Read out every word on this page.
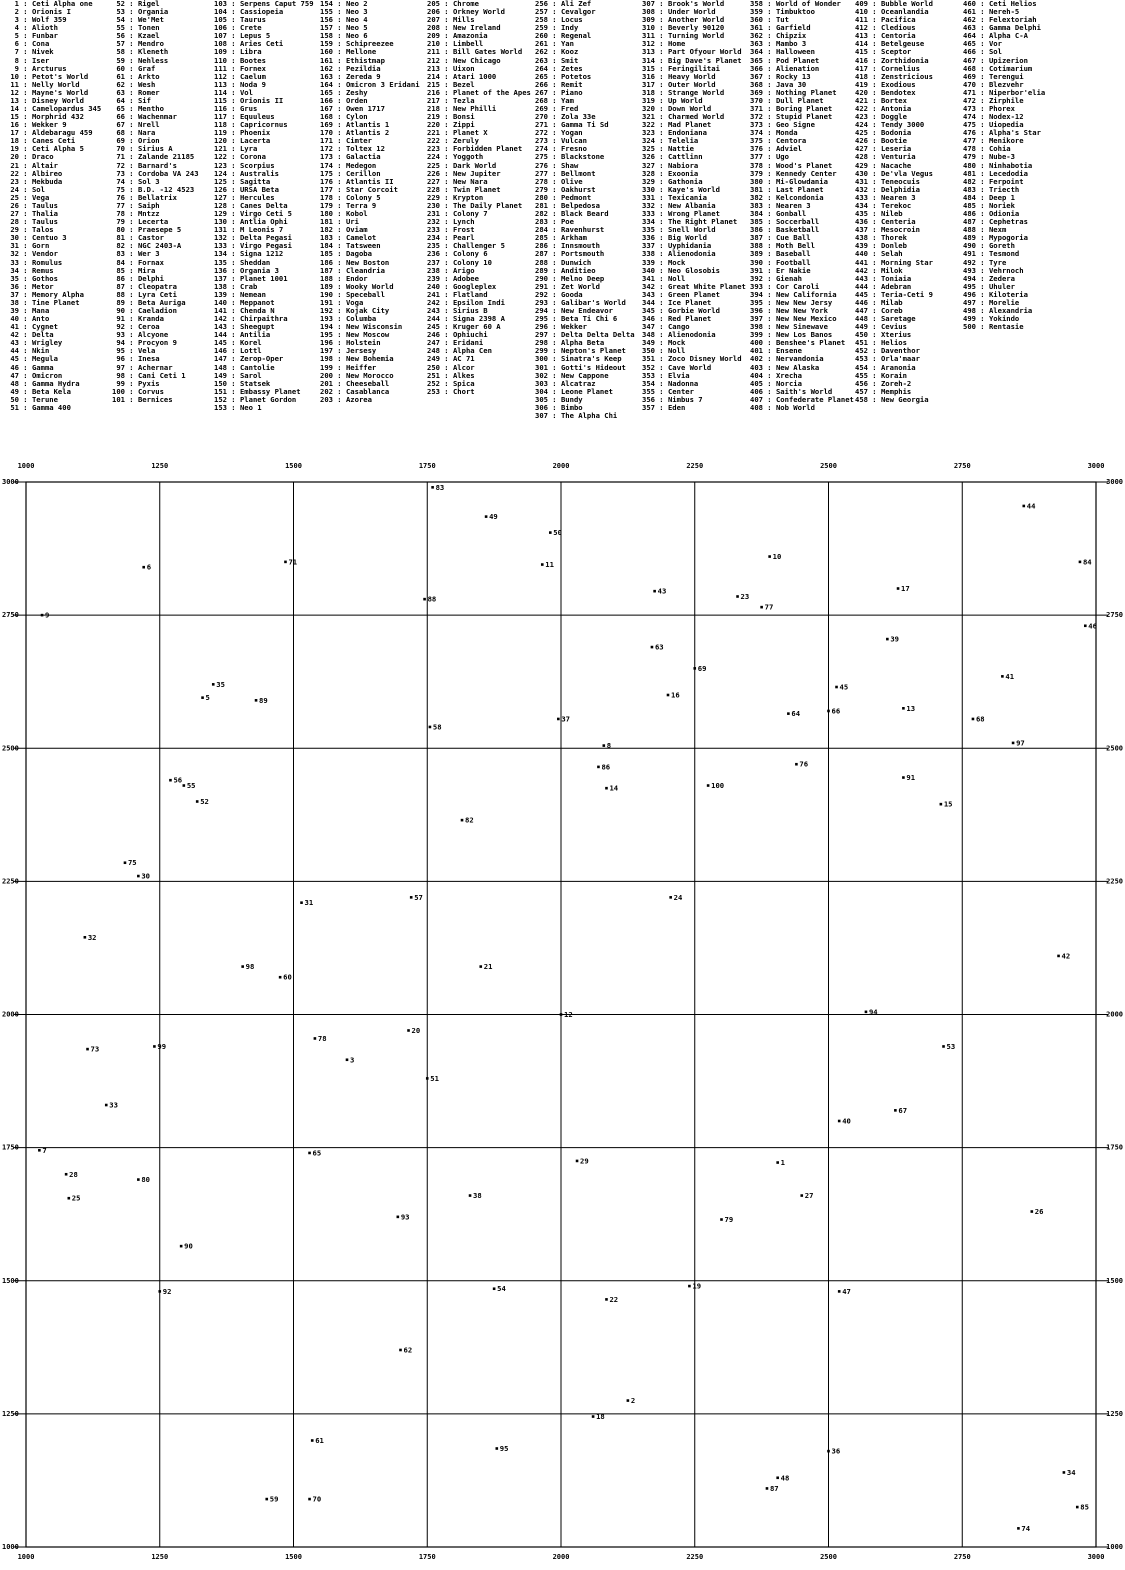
1 : Ceti Alpha one
2 : Orionis I
3 : Wolf 359
4 : Alioth
5 : Funbar
6 : Cona
7 : Nivek
8 : Iser
9 : Arcturus
10 : Petot's World
11 : Nelly World
12 : Mayne's World
13 : Disney World
14 : Camelopardus 345
15 : Morphrid 432
16 : Wekker 9
17 : Aldebaragu 459
18 : Canes Ceti
19 : Ceti Alpha 5
20 : Draco
21 : Altair
22 : Albireo
23 : Mekbuda
24 : Sol
25 : Vega
26 : Taulus
27 : Thalia
28 : Taulus
29 : Talos
30 : Centuo 3
31 : Gorn
32 : Vendor
33 : Romulus
34 : Remus
35 : Gothos
36 : Metor
37 : Memory Alpha
38 : Tine Planet
39 : Mana
40 : Anto
41 : Cygnet
42 : Delta
43 : Wrigley
44 : Nkin
45 : Megula
46 : Gamma
47 : Omicron
48 : Gamma Hydra
49 : Beta Kela
50 : Terune
51 : Gamma 400
52 : Rigel
53 : Organia
54 : We'Met
55 : Tonen
56 : Kzael
57 : Mendro
58 : Kleneth
59 : Nehless
60 : Graf
61 : Arkto
62 : Wesh
63 : Romer
64 : Sif
65 : Mentho
66 : Wachenmar
67 : Nrell
68 : Nara
69 : Orion
70 : Sirius A
71 : Zalande 21185
72 : Barnard's
73 : Cordoba VA 243
74 : Sol 3
75 : B.D. -12 4523
76 : Bellatrix
77 : Saiph
78 : Mntzz
79 : Lecerta
80 : Praesepe 5
81 : Castor
82 : NGC 2403-A
83 : Wer 3
84 : Fornax
85 : Mira
86 : Delphi
87 : Cleopatra
88 : Lyra Ceti
89 : Beta Auriga
90 : Caeladion
91 : Kranda
92 : Ceroa
93 : Alcyone
94 : Procyon 9
95 : Vela
96 : Inesa
97 : Achernar
98 : Cani Ceti 1
99 : Pyxis
100 : Corvus
101 : Bernices
103 : Serpens Caput 759
104 : Cassiopeia
105 : Taurus
106 : Crete
107 : Lepus 5
108 : Aries Ceti
109 : Libra
110 : Bootes
111 : Fornex
112 : Caelum
113 : Noda 9
114 : Vol
115 : Orionis II
116 : Grus
117 : Equuleus
118 : Capricornus
119 : Phoenix
120 : Lacerta
121 : Lyra
122 : Corona
123 : Scorpius
124 : Australis
125 : Sagitta
126 : URSA Beta
127 : Hercules
128 : Canes Delta
129 : Virgo Ceti 5
130 : Antlia Ophi
131 : M Leonis 7
132 : Delta Pegasi
133 : Virgo Pegasi
134 : Signa 1212
135 : Sheddan
136 : Organia 3
137 : Planet 1001
138 : Crab
139 : Nemean
140 : Meppanot
141 : Chenda N
142 : Chirpaithra
143 : Sheegupt
144 : Antilia
145 : Korel
146 : Lottl
147 : Zerop-Oper
148 : Cantolie
149 : Sarol
150 : Statsek
151 : Embassy Planet
152 : Planet Gordon
153 : Neo 1
154 : Neo 2
155 : Neo 3
156 : Neo 4
157 : Neo 5
158 : Neo 6
159 : Schipreezee
160 : Mellone
161 : Ethistmap
162 : Pezildia
163 : Zereda 9
164 : Omicron 3 Eridani
165 : Zeshy
166 : Orden
167 : Owen 1717
168 : Cylon
169 : Atlantis 1
170 : Atlantis 2
171 : Cimter
172 : Toltex 12
173 : Galactia
174 : Medegon
175 : Cerillon
176 : Atlantis II
177 : Star Corcoit
178 : Colony 5
179 : Terra 9
180 : Kobol
181 : Uri
182 : Oviam
183 : Camelot
184 : Tatsween
185 : Dagoba
186 : New Boston
187 : Cleandria
188 : Endor
189 : Wooky World
190 : Speceball
191 : Voga
192 : Kojak City
193 : Columba
194 : New Wisconsin
195 : New Moscow
196 : Holstein
197 : Jersesy
198 : New Bohemia
199 : Heiffer
200 : New Morocco
201 : Cheeseball
202 : Casablanca
203 : Azorea
205 : Chrome
206 : Orkney World
207 : Mills
208 : New Ireland
209 : Amazonia
210 : Limbell
211 : Bill Gates World
212 : New Chicago
213 : Uixon
214 : Atari 1000
215 : Bezel
216 : Planet of the Apes
217 : Tezla
218 : New Philli
219 : Bonsi
220 : Zippi
221 : Planet X
222 : Zeruly
223 : Forbidden Planet
224 : Yoggoth
225 : Dark World
226 : New Jupiter
227 : New Nara
228 : Twin Planet
229 : Krypton
230 : The Daily Planet
231 : Colony 7
232 : Lynch
233 : Frost
234 : Pearl
235 : Challenger 5
236 : Colony 6
237 : Colony 10
238 : Arigo
239 : Adobee
240 : Googleplex
241 : Flatland
242 : Epsilon Indi
243 : Sirius B
244 : Signa 2398 A
245 : Kruger 60 A
246 : Ophiuchi
247 : Eridani
248 : Alpha Cen
249 : AC 71
250 : Alcor
251 : Alkes
252 : Spica
253 : Chort
256 : Ali Zef
257 : Cevalgor
258 : Locus
259 : Indy
260 : Regenal
261 : Yan
262 : Kooz
263 : Smit
264 : Zetes
265 : Potetos
266 : Remit
267 : Piano
268 : Yam
269 : Fred
270 : Zola 33e
271 : Gamma Ti Sd
272 : Yogan
273 : Vulcan
274 : Fresno
275 : Blackstone
276 : Shaw
277 : Bellmont
278 : Olive
279 : Oakhurst
280 : Pedmont
281 : Belpedosa
282 : Black Beard
283 : Poe
284 : Ravenhurst
285 : Arkham
286 : Innsmouth
287 : Portsmouth
288 : Dunwich
289 : Anditieo
290 : Melno Deep
291 : Zet World
292 : Gooda
293 : Galibar's World
294 : New Endeavor
295 : Beta Ti Chi 6
296 : Wekker
297 : Delta Delta Delta
298 : Alpha Beta
299 : Nepton's Planet
300 : Sinatra's Keep
301 : Gotti's Hideout
302 : New Cappone
303 : Alcatraz
304 : Leone Planet
305 : Bundy
306 : Bimbo
307 : The Alpha Chi
307 : Brook's World
308 : Under World
309 : Another World
310 : Beverly 90120
311 : Turning World
312 : Home
313 : Part Ofyour World
314 : Big Dave's Planet
315 : Feringilitai
316 : Heavy World
317 : Outer World
318 : Strange World
319 : Up World
320 : Down World
321 : Charmed World
322 : Mad Planet
323 : Endoniana
324 : Telelia
325 : Nattie
326 : Cattlinn
327 : Nabiora
328 : Exoonia
329 : Gathonia
330 : Kaye's World
331 : Texicania
332 : New Albania
333 : Wrong Planet
334 : The Right Planet
335 : Snell World
336 : Big World
337 : Uyphidania
338 : Alienodonia
339 : Mock
340 : Neo Glosobis
341 : Noll
342 : Great White Planet
343 : Green Planet
344 : Ice Planet
345 : Gorbie World
346 : Red Planet
347 : Cango
348 : Alienodonia
349 : Mock
350 : Noll
351 : Zoco Disney World
352 : Cave World
353 : Elvia
354 : Nadonna
355 : Center
356 : Nimbus 7
357 : Eden
358 : World of Wonder
359 : Timbuktoo
360 : Tut
361 : Garfield
362 : Chipzix
363 : Mambo 3
364 : Halloween
365 : Pod Planet
366 : Alienation
367 : Rocky 13
368 : Java 30
369 : Nothing Planet
370 : Dull Planet
371 : Boring Planet
372 : Stupid Planet
373 : Geo Signe
374 : Monda
375 : Centora
376 : Adviel
377 : Ugo
378 : Wood's Planet
379 : Kennedy Center
380 : Mi-Glowdania
381 : Last Planet
382 : Kelcondonia
383 : Nearen 3
384 : Gonball
385 : Soccerball
386 : Basketball
387 : Cue Ball
388 : Moth Bell
389 : Baseball
390 : Football
391 : Er Nakie
392 : Gienah
393 : Cor Caroli
394 : New California
395 : New New Jersy
396 : New New York
397 : New New Mexico
398 : New Sinewave
399 : New Los Banos
400 : Benshee's Planet
401 : Ensene
402 : Nervandonia
403 : New Alaska
404 : Xrecha
405 : Norcia
406 : Saith's World
407 : Confederate Planet
408 : Nob World
409 : Bubble World
410 : Oceanlandia
411 : Pacifica
412 : Cledious
413 : Centoria
414 : Betelgeuse
415 : Sceptor
416 : Zorthidonia
417 : Cornelius
418 : Zenstricious
419 : Exodious
420 : Bendotex
421 : Bortex
422 : Antonia
423 : Doggle
424 : Tendy 3000
425 : Bodonia
426 : Bootie
427 : Leseria
428 : Venturia
429 : Nacache
430 : De'vla Vegus
431 : Teneocuis
432 : Delphidia
433 : Nearen 3
434 : Terekoc
435 : Nileb
436 : Centeria
437 : Mesocroin
438 : Thorek
439 : Donleb
440 : Selah
441 : Morning Star
442 : Milok
443 : Toniaia
444 : Adebran
445 : Teria-Ceti 9
446 : Milab
447 : Coreb
448 : Saretage
449 : Cevius
450 : Xterius
451 : Helios
452 : Daventhor
453 : Orla'maar
454 : Aranonia
455 : Korain
456 : Zoreh-2
457 : Memphis
458 : New Georgia
460 : Ceti Helios
461 : Nereh-5
462 : Felextoriah
463 : Gamma Delphi
464 : Alpha C-A
465 : Vor
466 : Sol
467 : Upizerion
468 : Cotimarium
469 : Terengui
470 : Blezvehr
471 : Niperbor'elia
472 : Zirphile
473 : Phorex
474 : Nodex-12
475 : Uiopedia
476 : Alpha's Star
477 : Menikore
478 : Cohia
479 : Nube-3
480 : Ninhabotia
481 : Lecedodia
482 : Ferpoint
483 : Triecth
484 : Deep 1
485 : Noriek
486 : Odionia
487 : Cephetras
488 : Nexm
489 : Mypogoria
490 : Goreth
491 : Tesmond
492 : Tyre
493 : Vehrnoch
494 : Zedera
495 : Uhuler
496 : Kiloteria
497 : Morelie
498 : Alexandria
499 : Yokindo
500 : Rentasie
1000
1000
1250
1250
1500
1500
1750
1750
2000
2000
2250
2250
2500
2500
2750
2750
3000
3000
1000	1000
1250	1250
1500	1500
1750	1750
2000	2000
2250	2250
2500	2500
2750	2750
3000	3000
1
2
3
5
6
7
8
9
10
11
12
13
14
15
16
17
18
19
20
21
22
23
24
25
26
27
28
29
30
31
32
33
34
35
36
37
38
39
40
41
42
43
44
45
46
47
48
49
50
51
52
53
54
55
56
57
58
59
60
61
62
63
64
65
66
67
68
69
70
71
73
74
75
76
77
78
79
80
82
83
84
85
86
87
88
89
90
91
92
93
94
95
97
98
99
100
